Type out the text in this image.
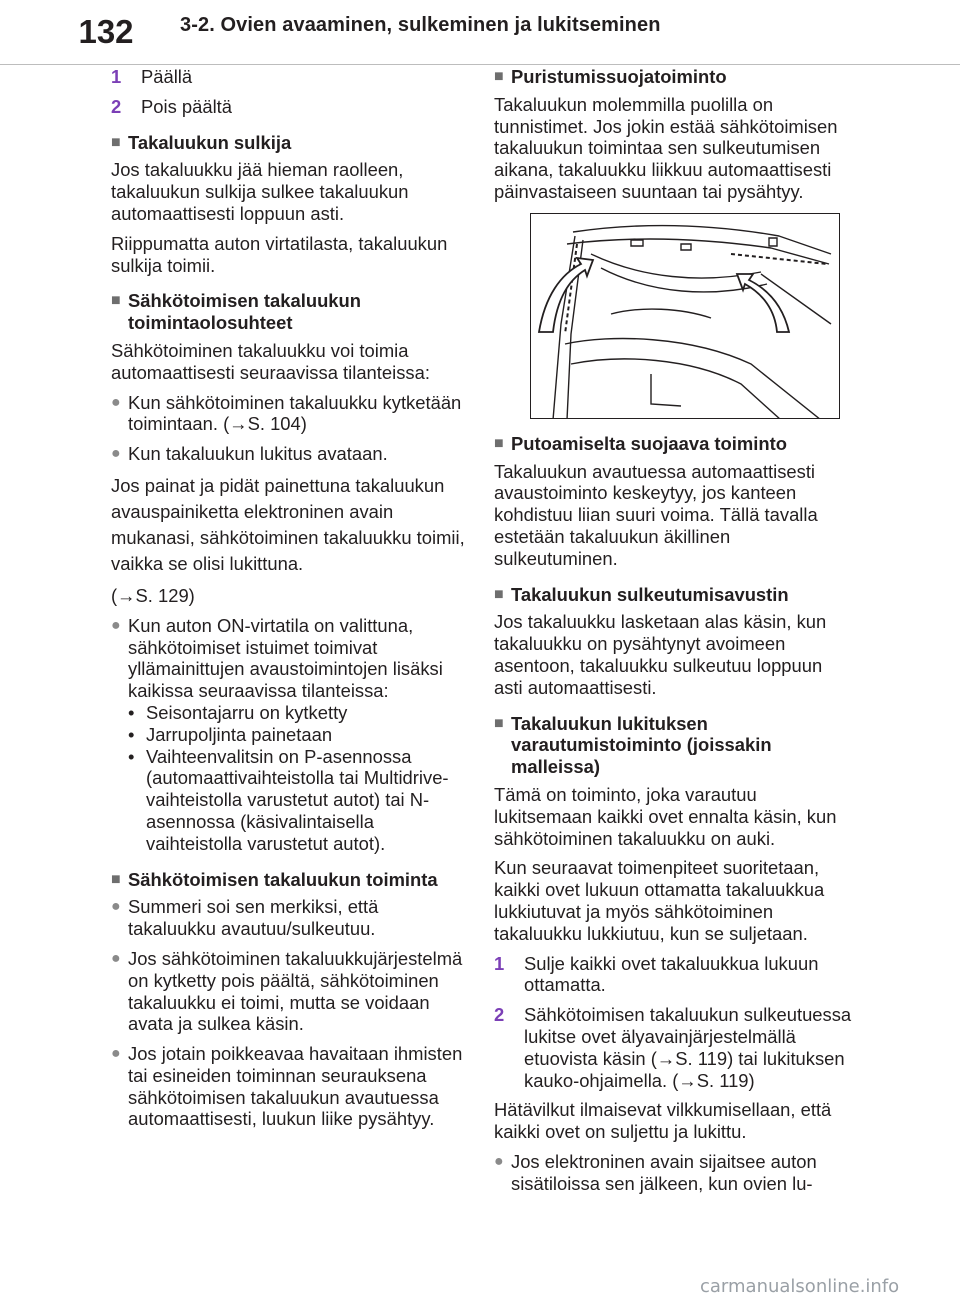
132	3-2. Ovien avaaminen, sulkeminen ja lukitseminen
1	Päällä
2	Pois päältä
■ Takaluukun sulkija

Jos takaluukku jää hieman raolleen, takaluukun sulkija sulkee takaluukun automaattisesti loppuun asti.

Riippumatta auton virtatilasta, takaluukun sulkija toimii.

■ Sähkötoimisen takaluukun toimintaolosuhteet

Sähkötoiminen takaluukku voi toimia automaattisesti seuraavissa tilanteissa:

● Kun sähkötoiminen takaluukku kytketään toimintaan. (→S. 104)
● Kun takaluukun lukitus avataan.

Jos painat ja pidät painettuna takaluukun avauspainiketta elektroninen avain mukanasi, sähkötoiminen takaluukku toimii, vaikka se olisi lukittuna.

(→S. 129)

● Kun auton ON-virtatila on valittuna, sähkötoimiset istuimet toimivat yllämainittujen avaustoimintojen lisäksi kaikissa seuraavissa tilanteissa:
• Seisontajarru on kytketty
• Jarrupoljinta painetaan
• Vaihteenvalitsin on P-asennossa (automaattivaihteistolla tai Multidrive-vaihteistolla varustetut autot) tai N-asennossa (käsivalintaisella vaihteistolla varustetut autot).
■ Sähkötoimisen takaluukun toiminta
● Summeri soi sen merkiksi, että takaluukku avautuu/sulkeutuu.
● Jos sähkötoiminen takaluukkujärjestelmä on kytketty pois päältä, sähkötoiminen takaluukku ei toimi, mutta se voidaan avata ja sulkea käsin.
● Jos jotain poikkeavaa havaitaan ihmisten tai esineiden toiminnan seurauksena sähkötoimisen takaluukun avautuessa automaattisesti, luukun liike pysähtyy.
■ Puristumissuojatoiminto

Takaluukun molemmilla puolilla on tunnistimet. Jos jokin estää sähkötoimisen takaluukun toimintaa sen sulkeutumisen aikana, takaluukku liikkuu automaattisesti päinvastaiseen suuntaan tai pysähtyy.

■ Putoamiselta suojaava toiminto

Takaluukun avautuessa automaattisesti avaustoiminto keskeytyy, jos kanteen kohdistuu liian suuri voima. Tällä tavalla estetään takaluukun äkillinen sulkeutuminen.

■ Takaluukun sulkeutumisavustin

Jos takaluukku lasketaan alas käsin, kun takaluukku on pysähtynyt avoimeen asentoon, takaluukku sulkeutuu loppuun asti automaattisesti.

■ Takaluukun lukituksen varautumistoiminto (joissakin malleissa)

Tämä on toiminto, joka varautuu lukitsemaan kaikki ovet ennalta käsin, kun sähkötoiminen takaluukku on auki.

Kun seuraavat toimenpiteet suoritetaan, kaikki ovet lukuun ottamatta takaluukkua lukkiutuvat ja myös sähkötoiminen takaluukku lukkiutuu, kun se suljetaan.

1	Sulje kaikki ovet takaluukkua lukuun ottamatta.
2	Sähkötoimisen takaluukun sulkeutuessa lukitse ovet älyavainjärjestelmällä etuovista käsin (→S. 119) tai lukituksen kauko-ohjaimella. (→S. 119)

Hätävilkut ilmaisevat vilkkumisellaan, että kaikki ovet on suljettu ja lukittu.

● Jos elektroninen avain sijaitsee auton sisätiloissa sen jälkeen, kun ovien lu-
carmanualsonline.info
